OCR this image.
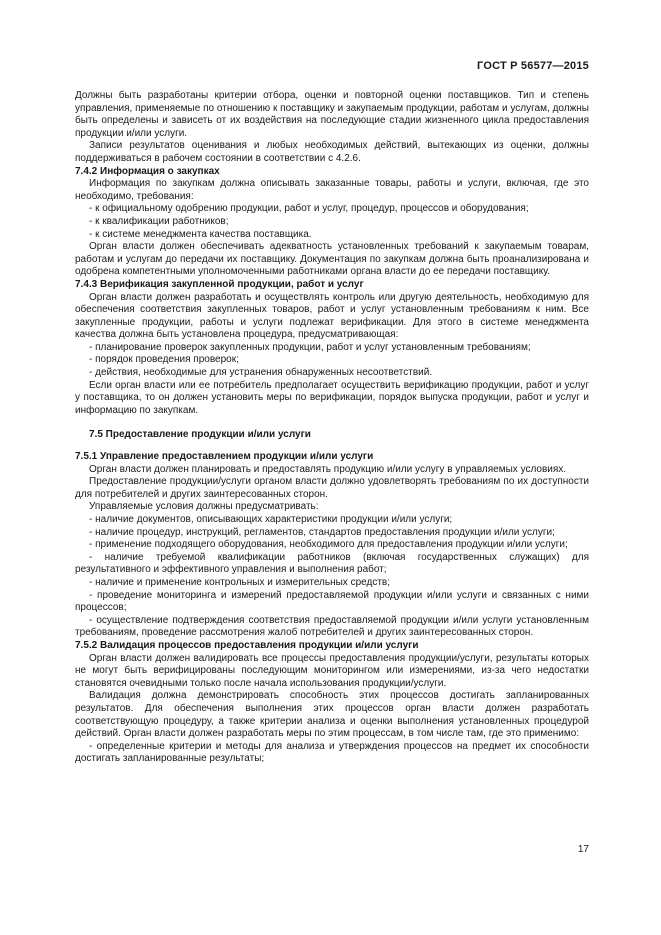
ГОСТ Р 56577—2015

Должны быть разработаны критерии отбора, оценки и повторной оценки поставщиков. Тип и степень управления, применяемые по отношению к поставщику и закупаемым продукции, работам и услугам, должны быть определены и зависеть от их воздействия на последующие стадии жизненного цикла предоставления продукции и/или услуги.

Записи результатов оценивания и любых необходимых действий, вытекающих из оценки, должны поддерживаться в рабочем состоянии в соответствии с 4.2.6.

7.4.2 Информация о закупках

Информация по закупкам должна описывать заказанные товары, работы и услуги, включая, где это необходимо, требования:

- к официальному одобрению продукции, работ и услуг, процедур, процессов и оборудования;

- к квалификации работников;

- к системе менеджмента качества поставщика.

Орган власти должен обеспечивать адекватность установленных требований к закупаемым товарам, работам и услугам до передачи их поставщику. Документация по закупкам должна быть проанализирована и одобрена компетентными уполномоченными работниками органа власти до ее передачи поставщику.

7.4.3 Верификация закупленной продукции, работ и услуг

Орган власти должен разработать и осуществлять контроль или другую деятельность, необходимую для обеспечения соответствия закупленных товаров, работ и услуг установленным требованиям к ним. Все закупленные продукции, работы и услуги подлежат верификации. Для этого в системе менеджмента качества должна быть установлена процедура, предусматривающая:

- планирование проверок закупленных продукции, работ и услуг установленным требованиям;

- порядок проведения проверок;

- действия, необходимые для устранения обнаруженных несоответствий.

Если орган власти или ее потребитель предполагает осуществить верификацию продукции, работ и услуг у поставщика, то он должен установить меры по верификации, порядок выпуска продукции, работ и услуг и информацию по закупкам.

7.5 Предоставление продукции и/или услуги

7.5.1 Управление предоставлением продукции и/или услуги

Орган власти должен планировать и предоставлять продукцию и/или услугу в управляемых условиях.

Предоставление продукции/услуги органом власти должно удовлетворять требованиям по их доступности для потребителей и других заинтересованных сторон.

Управляемые условия должны предусматривать:

- наличие документов, описывающих характеристики продукции и/или услуги;

- наличие процедур, инструкций, регламентов, стандартов предоставления продукции и/или услуги;

- применение подходящего оборудования, необходимого для предоставления продукции и/или услуги;

- наличие требуемой квалификации работников (включая государственных служащих) для результативного и эффективного управления и выполнения работ;

- наличие и применение контрольных и измерительных средств;

- проведение мониторинга и измерений предоставляемой продукции и/или услуги и связанных с ними процессов;

- осуществление подтверждения соответствия предоставляемой продукции и/или услуги установленным требованиям, проведение рассмотрения жалоб потребителей и других заинтересованных сторон.

7.5.2 Валидация процессов предоставления продукции и/или услуги

Орган власти должен валидировать все процессы предоставления продукции/услуги, результаты которых не могут быть верифицированы последующим мониторингом или измерениями, из-за чего недостатки становятся очевидными только после начала использования продукции/услуги.

Валидация должна демонстрировать способность этих процессов достигать запланированных результатов. Для обеспечения выполнения этих процессов орган власти должен разработать соответствующую процедуру, а также критерии анализа и оценки выполнения установленных процедурой действий. Орган власти должен разработать меры по этим процессам, в том числе там, где это применимо:

- определенные критерии и методы для анализа и утверждения процессов на предмет их способности достигать запланированные результаты;

17
